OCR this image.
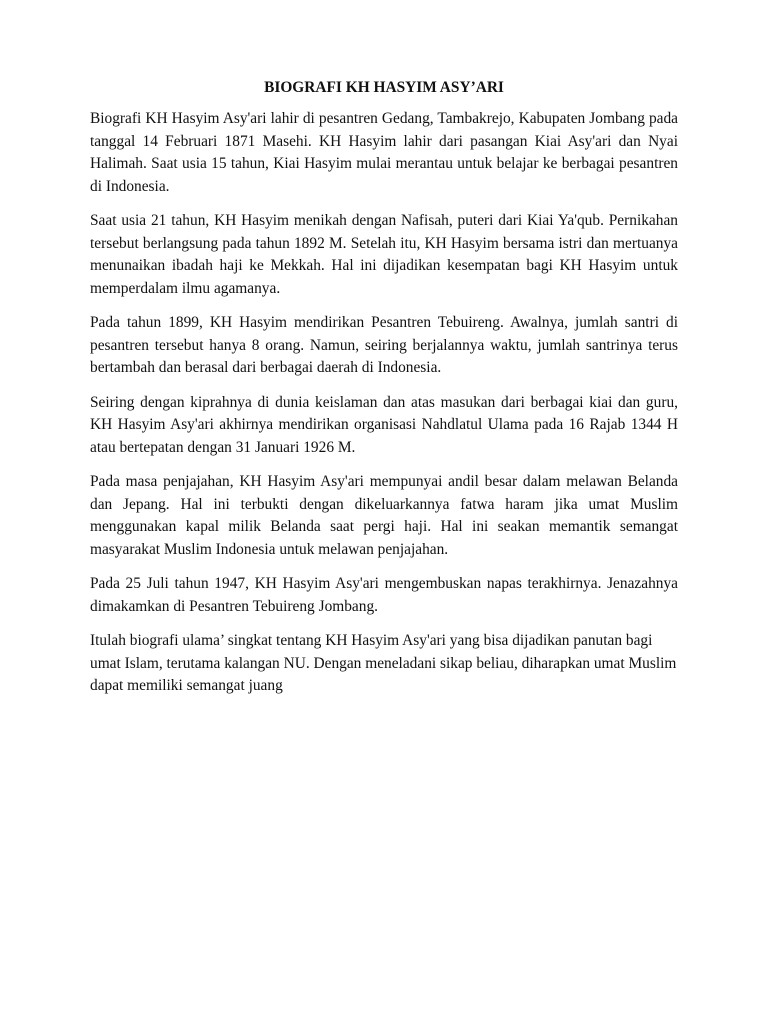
BIOGRAFI KH HASYIM ASY’ARI

Biografi KH Hasyim Asy'ari lahir di pesantren Gedang, Tambakrejo, Kabupaten Jombang pada tanggal 14 Februari 1871 Masehi. KH Hasyim lahir dari pasangan Kiai Asy'ari dan Nyai Halimah. Saat usia 15 tahun, Kiai Hasyim mulai merantau untuk belajar ke berbagai pesantren di Indonesia.

Saat usia 21 tahun, KH Hasyim menikah dengan Nafisah, puteri dari Kiai Ya'qub. Pernikahan tersebut berlangsung pada tahun 1892 M. Setelah itu, KH Hasyim bersama istri dan mertuanya menunaikan ibadah haji ke Mekkah. Hal ini dijadikan kesempatan bagi KH Hasyim untuk memperdalam ilmu agamanya.

Pada tahun 1899, KH Hasyim mendirikan Pesantren Tebuireng. Awalnya, jumlah santri di pesantren tersebut hanya 8 orang. Namun, seiring berjalannya waktu, jumlah santrinya terus bertambah dan berasal dari berbagai daerah di Indonesia.

Seiring dengan kiprahnya di dunia keislaman dan atas masukan dari berbagai kiai dan guru, KH Hasyim Asy'ari akhirnya mendirikan organisasi Nahdlatul Ulama pada 16 Rajab 1344 H atau bertepatan dengan 31 Januari 1926 M.

Pada masa penjajahan, KH Hasyim Asy'ari mempunyai andil besar dalam melawan Belanda dan Jepang. Hal ini terbukti dengan dikeluarkannya fatwa haram jika umat Muslim menggunakan kapal milik Belanda saat pergi haji. Hal ini seakan memantik semangat masyarakat Muslim Indonesia untuk melawan penjajahan.

Pada 25 Juli tahun 1947, KH Hasyim Asy'ari mengembuskan napas terakhirnya. Jenazahnya dimakamkan di Pesantren Tebuireng Jombang.

Itulah biografi ulama’ singkat tentang KH Hasyim Asy'ari yang bisa dijadikan panutan bagi umat Islam, terutama kalangan NU. Dengan meneladani sikap beliau, diharapkan umat Muslim dapat memiliki semangat juang
